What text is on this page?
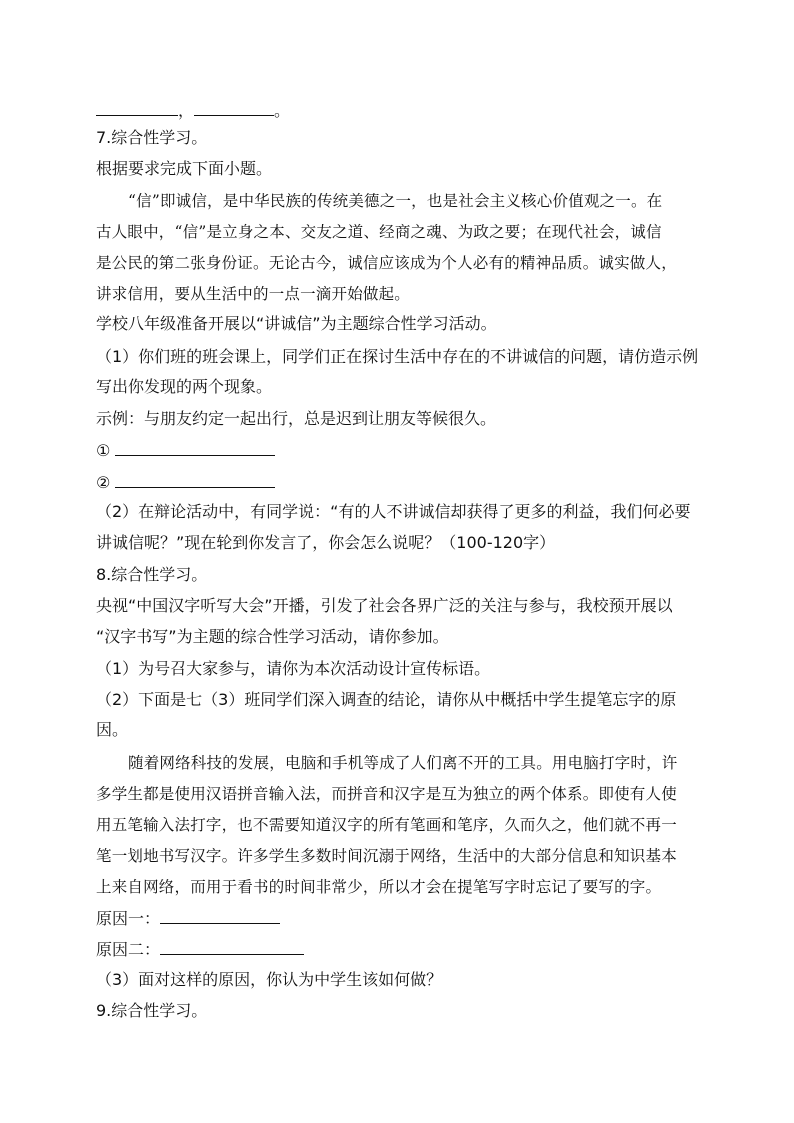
，	。
7.综合性学习。
根据要求完成下面小题。
“信”即诚信，是中华民族的传统美德之一，也是社会主义核心价值观之一。在
古人眼中，“信”是立身之本、交友之道、经商之魂、为政之要；在现代社会，诚信
是公民的第二张身份证。无论古今，诚信应该成为个人必有的精神品质。诚实做人，
讲求信用，要从生活中的一点一滴开始做起。
学校八年级准备开展以“讲诚信”为主题综合性学习活动。
（1）你们班的班会课上，同学们正在探讨生活中存在的不讲诚信的问题，请仿造示例
写出你发现的两个现象。
示例：与朋友约定一起出行，总是迟到让朋友等候很久。
①
②
（2）在辩论活动中，有同学说：“有的人不讲诚信却获得了更多的利益，我们何必要
讲诚信呢？”现在轮到你发言了，你会怎么说呢？（100-120字）
8.综合性学习。
央视“中国汉字听写大会”开播，引发了社会各界广泛的关注与参与，我校预开展以
“汉字书写”为主题的综合性学习活动，请你参加。
（1）为号召大家参与，请你为本次活动设计宣传标语。
（2）下面是七（3）班同学们深入调查的结论，请你从中概括中学生提笔忘字的原
因。
随着网络科技的发展，电脑和手机等成了人们离不开的工具。用电脑打字时，许
多学生都是使用汉语拼音输入法，而拼音和汉字是互为独立的两个体系。即使有人使
用五笔输入法打字，也不需要知道汉字的所有笔画和笔序，久而久之，他们就不再一
笔一划地书写汉字。许多学生多数时间沉溺于网络，生活中的大部分信息和知识基本
上来自网络，而用于看书的时间非常少，所以才会在提笔写字时忘记了要写的字。
原因一：
原因二：
（3）面对这样的原因，你认为中学生该如何做？
9.综合性学习。
